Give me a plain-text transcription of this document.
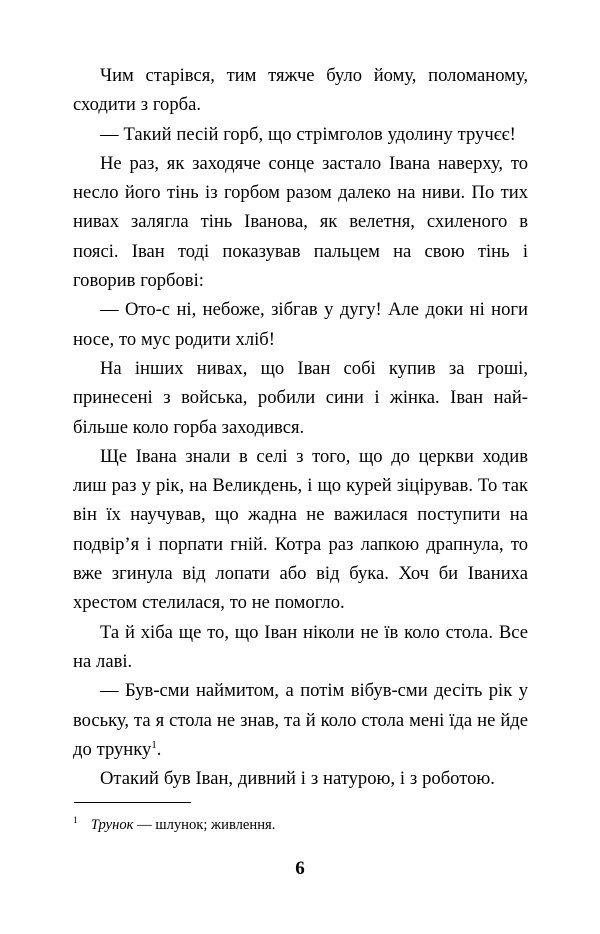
Чим старівся, тим тяжче було йому, поломаному, сходити з горба.

— Такий песій горб, що стрімголов удолину тручєє!

Не раз, як заходяче сонце застало Івана наверху, то несло його тінь із горбом разом далеко на ниви. По тих нивах залягла тінь Іванова, як велетня, схиленого в поясі. Іван тоді показував пальцем на свою тінь і говорив горбові:

— Ото-с ні, небоже, зібгав у дугу! Але доки ні ноги носе, то мус родити хліб!

На інших нивах, що Іван собі купив за гроші, принесені з войська, робили сини і жінка. Іван найбільше коло горба заходився.

Ще Івана знали в селі з того, що до церкви ходив лиш раз у рік, на Великдень, і що курей зіцірував. То так він їх научував, що жадна не важилася поступити на подвір’я і порпати гній. Котра раз лапкою драпнула, то вже згинула від лопати або від бука. Хоч би Іваниха хрестом стелилася, то не помогло.

Та й хіба ще то, що Іван ніколи не їв коло стола. Все на лаві.

— Був-сми наймитом, а потім вібув-сми десіть рік у воську, та я стола не знав, та й коло стола мені їда не йде до трунку$^1$.

Отакий був Іван, дивний і з натурою, і з роботою.

$^1$ Трунок — шлунок; живлення.
6
